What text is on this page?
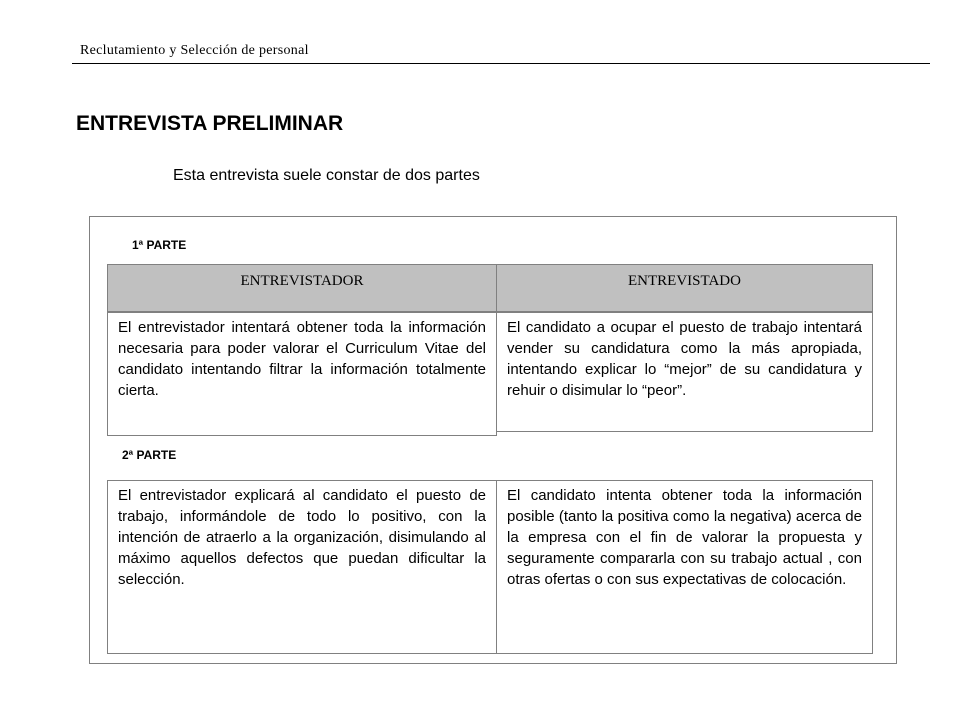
Reclutamiento y Selección de personal
ENTREVISTA PRELIMINAR
Esta entrevista suele constar de dos partes
1ª PARTE
ENTREVISTADOR	ENTREVISTADO
El entrevistador intentará obtener toda la información necesaria para poder valorar el Curriculum Vitae del candidato intentando filtrar la información totalmente cierta.
El candidato a ocupar el puesto de trabajo intentará vender su candidatura como la más apropiada, intentando explicar lo “mejor” de su candidatura y rehuir o disimular lo “peor”.
2ª PARTE
El entrevistador explicará al candidato el puesto de trabajo, informándole de todo lo positivo, con la intención de atraerlo a la organización, disimulando al máximo aquellos defectos que puedan dificultar la selección.
El candidato intenta obtener toda la información posible (tanto la positiva como la negativa) acerca de la empresa con el fin de valorar la propuesta y seguramente compararla con su trabajo actual , con otras ofertas o con sus expectativas de colocación.
